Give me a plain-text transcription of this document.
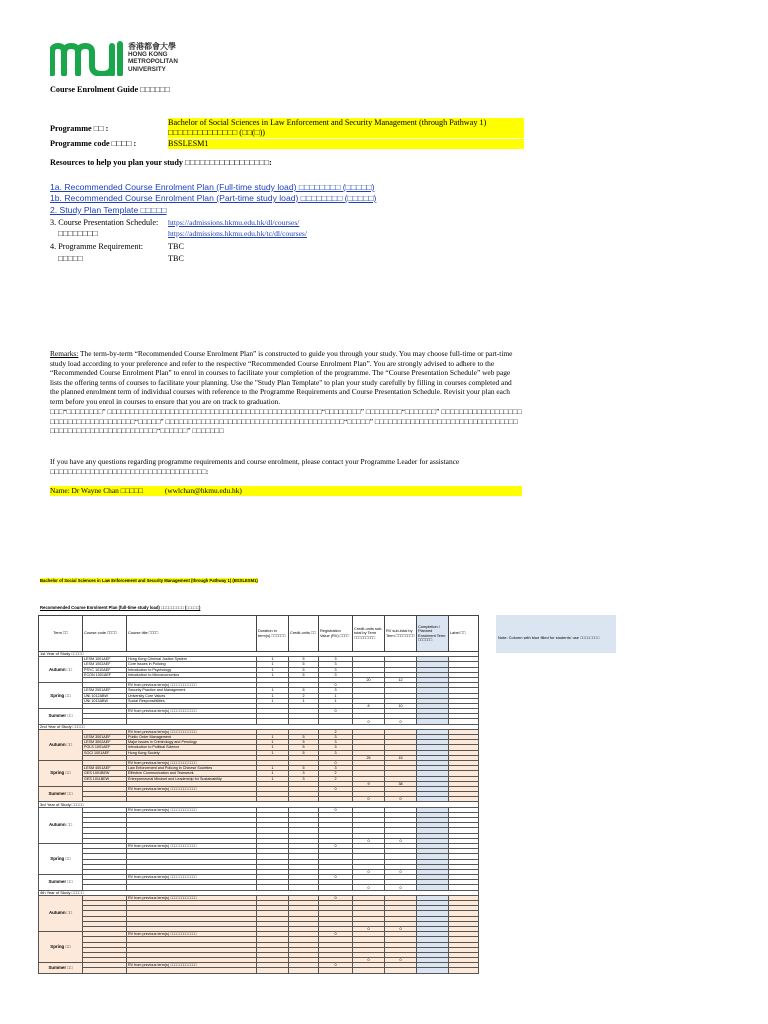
香港都會大學
HONG KONG
METROPOLITAN
UNIVERSITY
Course Enrolment Guide □□□□□□
Programme □□ :
Bachelor of Social Sciences in Law Enforcement and Security Management (through Pathway 1)
□□□□□□□□□□□□□□ (□□(□))
Programme code □□□□ :	BSSLESM1
Resources to help you plan your study □□□□□□□□□□□□□□□□□:
1a. Recommended Course Enrolment Plan (Full-time study load) □□□□□□□□ (□□□□□)
1b. Recommended Course Enrolment Plan (Part-time study load) □□□□□□□□ (□□□□□)
2. Study Plan Template □□□□□
3. Course Presentation Schedule:
□□□□□□□□
https://admissions.hkmu.edu.hk/dl/courses/
https://admissions.hkmu.edu.hk/tc/dl/courses/
4. Programme Requirement:
□□□□□
TBC
TBC
Remarks: The term-by-term “Recommended Course Enrolment Plan” is constructed to guide you through your study. You may choose full-time or part-time study load according to your preference and refer to the respective “Recommended Course Enrolment Plan”. You are strongly advised to adhere to the “Recommended Course Enrolment Plan” to enrol in courses to facilitate your completion of the programme. The “Course Presentation Schedule” web page lists the offering terms of courses to facilitate your planning. Use the "Study Plan Template" to plan your study carefully by filling in courses completed and the planned enrolment term of individual courses with reference to the Programme Requirements and Course Presentation Schedule. Revisit your plan each term before you enrol in courses to ensure that you are on track to graduation.
□□□“□□□□□□□□” □□□□□□□□□□□□□□□□□□□□□□□□□□□□□□□□□□□□□□□□□□□□□□□□“□□□□□□□□” □□□□□□□□“□□□□□□□” □□□□□□□□□□□□□□□□□□□□□□□□□□□□□□□□□□□□□“□□□□□” □□□□□□□□□□□□□□□□□□□□□□□□□□□□□□□□□□□□□□□□“□□□□□” □□□□□□□□□□□□□□□□□□□□□□□□□□□□□□□□□□□□□□□□□□□□□□□□□□□□□□□□“□□□□□□” □□□□□□□
If you have any questions regarding programme requirements and course enrolment, please contact your Programme Leader for assistance □□□□□□□□□□□□□□□□□□□□□□□□□□□□□□□□□□□:
Name: Dr Wayne Chan □□□□□	(wwlchan@hkmu.edu.hk)
Bachelor of Social Sciences in Law Enforcement and Security Management (through Pathway 1) (BSSLESM1)
Recommended Course Enrolment Plan (full-time study load) □□□□□□□□□ (□□□□□)
Note: Column with blue filled for students' use □□□□□□□□
Term □□	Course code □□□□	Course title □□□□	Duration in term(s) □□□□□□	Credit-units □□	Registration Value (RV) □□□□	Credit-units sub-total by Term □□□□□□□□□	RV sub-total by Term □□□□□□□□	Completion / Planned Enrolment Term □□□□□□	Label □□
1st Year of Study □□□□□									
Autumn □□	LESM 1001AEF	Hong Kong Criminal Justice System	1	5	3				
	LESM 1002AEF	Core Issues in Policing	1	5	3				
	PSYC 1010AEF	Introduction to Psychology	1	5	3				
	ECON 1001AEF	Introduction to Microeconomics	1	5	3				
						20	12		
Spring □□		RV from previous term(s) □□□□□□□□□□□□			0				
	LESM 2001AEF	Security Practice and Management	1	5	3				
	UNI 1012ABW	University Core Values	1	2	1				
	UNI 1013ABW	Social Responsibilities	1	1	1				
						8	10		
Summer □□		RV from previous term(s) □□□□□□□□□□□□			0				

						0	0		
2nd Year of Study □□□□□									
Autumn □□		RV from previous term(s) □□□□□□□□□□□□			2				
	LESM 3001AEF	Public Order Management	1	5	3				
	LESM 3002AEF	Major Issues in Criminology and Penology	1	5	3				
	POLS 1001AEF	Introduction to Political Science	1	5	3				
	SOCI 1001AEF	Hong Kong Society	1	5	3				
						25	15		
Spring □□		RV from previous term(s) □□□□□□□□□□□□			0				
	LESM 4001AEF	Law Enforcement and Policing in Chinese Societies	1	5	3				
	GES 1001BEW	Effective Communication and Teamwork	1	3	2				
	GES 1011BEW	Entrepreneurial Mindset and Leadership for Sustainability	1	3	2				
						9	38		
Summer □□		RV from previous term(s) □□□□□□□□□□□□			0				

						0	0		
3rd Year of Study □□□□□									
Autumn □□		RV from previous term(s) □□□□□□□□□□□□			0				

						0	0		
Spring □□		RV from previous term(s) □□□□□□□□□□□□			0				

						0	0		
Summer □□		RV from previous term(s) □□□□□□□□□□□□			0				

						0	0		
4th Year of Study □□□□□									
Autumn □□		RV from previous term(s) □□□□□□□□□□□□			0				

						0	0		
Spring □□		RV from previous term(s) □□□□□□□□□□□□			0				

						0	0		
Summer □□		RV from previous term(s) □□□□□□□□□□□□			0				
